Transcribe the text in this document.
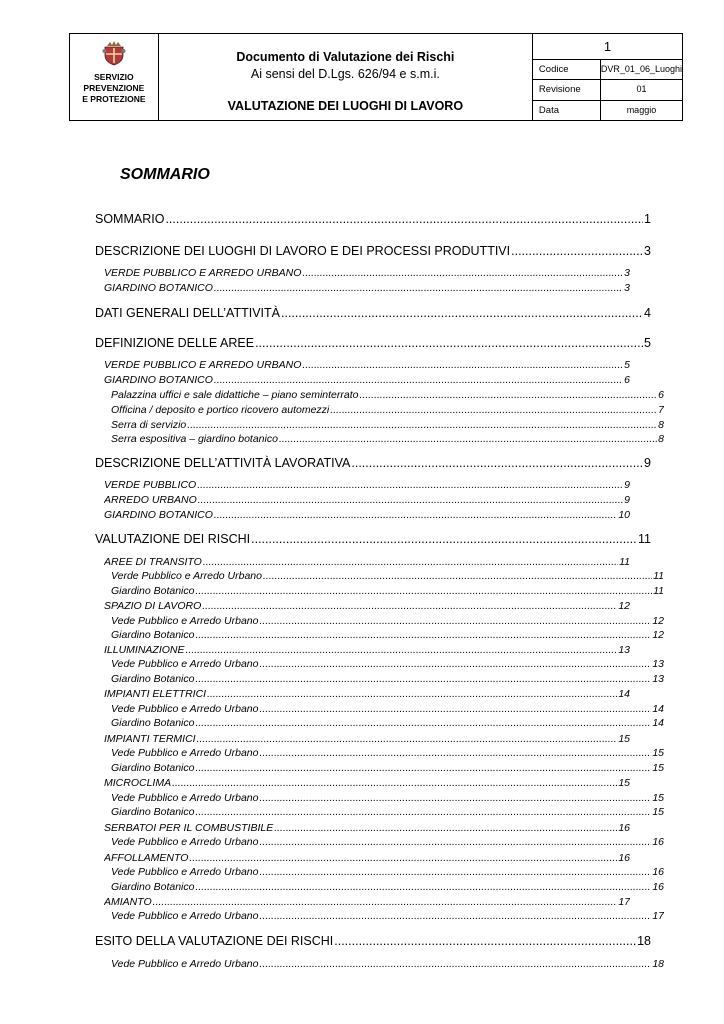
SERVIZIO
PREVENZIONE
E PROTEZIONE
Documento di Valutazione dei Rischi
Ai sensi del D.Lgs. 626/94 e s.m.i.
VALUTAZIONE DEI LUOGHI DI LAVORO
1
Codice	DVR_01_06_Luoghi
Revisione	01
Data	maggio
SOMMARIO
SOMMARIO .....	1
DESCRIZIONE DEI LUOGHI DI LAVORO E DEI PROCESSI PRODUTTIVI .....	3
VERDE PUBBLICO E ARREDO URBANO .....	3
GIARDINO BOTANICO .....	3
DATI GENERALI DELL’ATTIVITÀ .....	4
DEFINIZIONE DELLE AREE .....	5
VERDE PUBBLICO E ARREDO URBANO .....	5
GIARDINO BOTANICO .....	6
Palazzina uffici e sale didattiche – piano seminterrato .....	6
Officina / deposito e portico ricovero automezzi .....	7
Serra di servizio .....	8
Serra espositiva – giardino botanico .....	8
DESCRIZIONE DELL’ATTIVITÀ LAVORATIVA .....	9
VERDE PUBBLICO .....	9
ARREDO URBANO .....	9
GIARDINO BOTANICO .....	10
VALUTAZIONE DEI RISCHI .....	11
AREE DI TRANSITO .....	11
Verde Pubblico e Arredo Urbano .....	11
Giardino Botanico .....	11
SPAZIO DI LAVORO .....	12
Vede Pubblico e Arredo Urbano .....	12
Giardino Botanico .....	12
ILLUMINAZIONE .....	13
Vede Pubblico e Arredo Urbano .....	13
Giardino Botanico .....	13
IMPIANTI ELETTRICI .....	14
Vede Pubblico e Arredo Urbano .....	14
Giardino Botanico .....	14
IMPIANTI TERMICI .....	15
Vede Pubblico e Arredo Urbano .....	15
Giardino Botanico .....	15
MICROCLIMA .....	15
Vede Pubblico e Arredo Urbano .....	15
Giardino Botanico .....	15
SERBATOI PER IL COMBUSTIBILE .....	16
Vede Pubblico e Arredo Urbano .....	16
AFFOLLAMENTO .....	16
Vede Pubblico e Arredo Urbano .....	16
Giardino Botanico .....	16
AMIANTO .....	17
Vede Pubblico e Arredo Urbano .....	17
ESITO DELLA VALUTAZIONE DEI RISCHI .....	18
Vede Pubblico e Arredo Urbano .....	18
